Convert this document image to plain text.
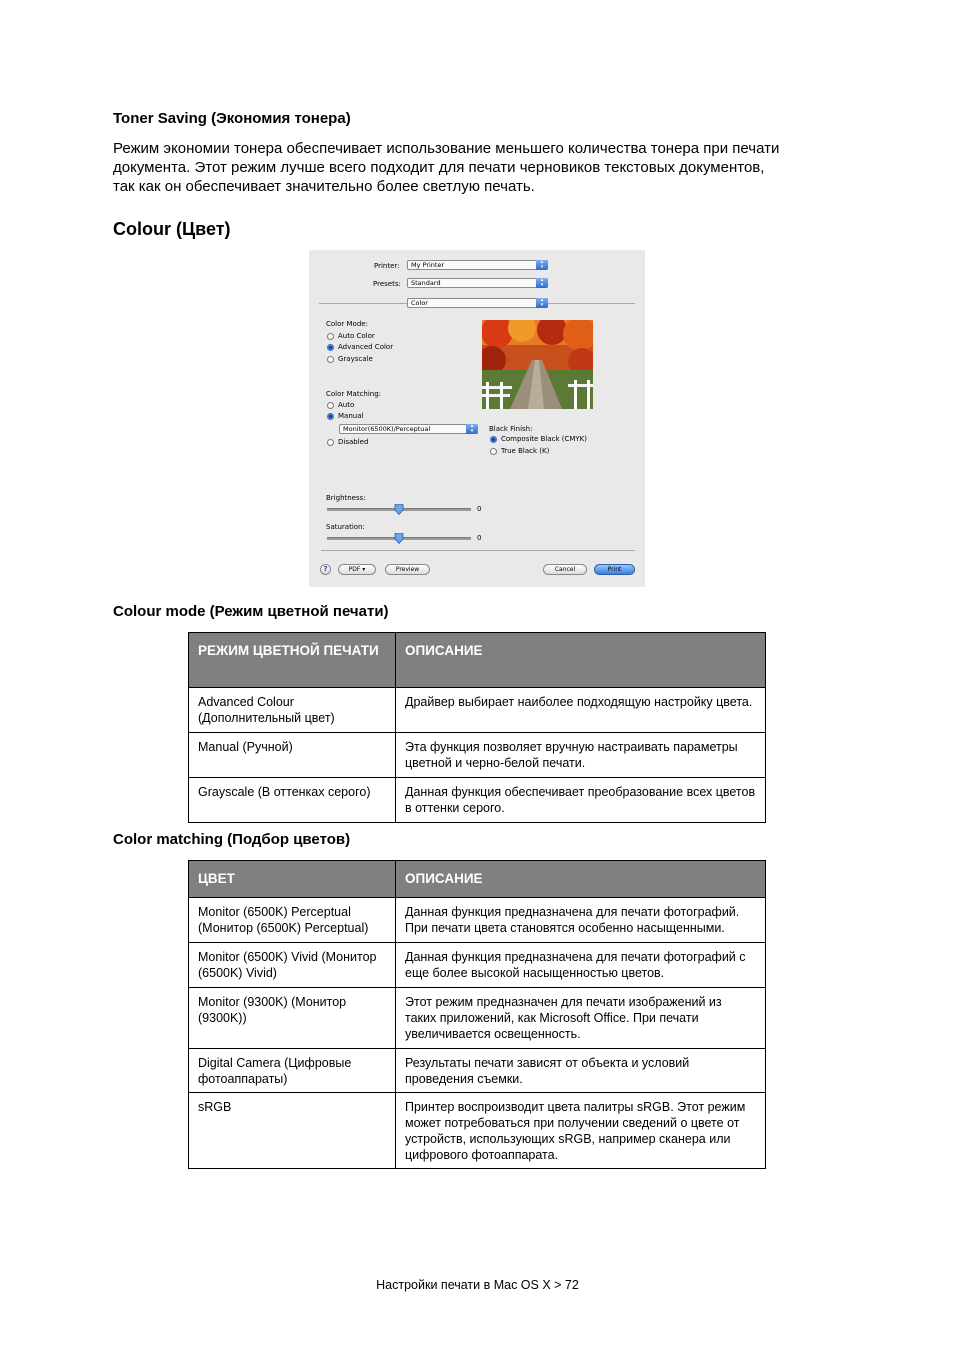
Toner Saving (Экономия тонера)

Режим экономии тонера обеспечивает использование меньшего количества тонера при печати
документа. Этот режим лучше всего подходит для печати черновиков текстовых документов,
так как он обеспечивает значительно более светлую печать.

Colour (Цвет)
Printer:	My Printer	▴
▾
Presets:	Standard	▴
▾
Color	▴
▾
Color Mode:
Auto Color
Advanced Color
Grayscale
Color Matching:
Auto
Manual
Monitor(6500K)/Perceptual	▴
▾
Disabled
Black Finish:
Composite Black (CMYK)
True Black (K)
Brightness:
0
Saturation:
0
?	PDF ▾	Preview	Cancel	Print
Colour mode (Режим цветной печати)
РЕЖИМ ЦВЕТНОЙ ПЕЧАТИ	ОПИСАНИЕ
Advanced Colour (Дополнительный цвет)	Драйвер выбирает наиболее подходящую настройку цвета.
Manual (Ручной)	Эта функция позволяет вручную настраивать параметры цветной и черно-белой печати.
Grayscale (В оттенках серого)	Данная функция обеспечивает преобразование всех цветов в оттенки серого.
Color matching (Подбор цветов)
ЦВЕТ	ОПИСАНИЕ
Monitor (6500K) Perceptual (Монитор (6500K) Perceptual)	Данная функция предназначена для печати фотографий. При печати цвета становятся особенно насыщенными.
Monitor (6500K) Vivid (Монитор (6500K) Vivid)	Данная функция предназначена для печати фотографий с еще более высокой насыщенностью цветов.
Monitor (9300K) (Монитор (9300K))	Этот режим предназначен для печати изображений из таких приложений, как Microsoft Office. При печати увеличивается освещенность.
Digital Camera (Цифровые фотоаппараты)	Результаты печати зависят от объекта и условий проведения съемки.
sRGB	Принтер воспроизводит цвета палитры sRGB. Этот режим может потребоваться при получении сведений о цвете от устройств, использующих sRGB, например сканера или цифрового фотоаппарата.
Настройки печати в Mac OS X > 72
